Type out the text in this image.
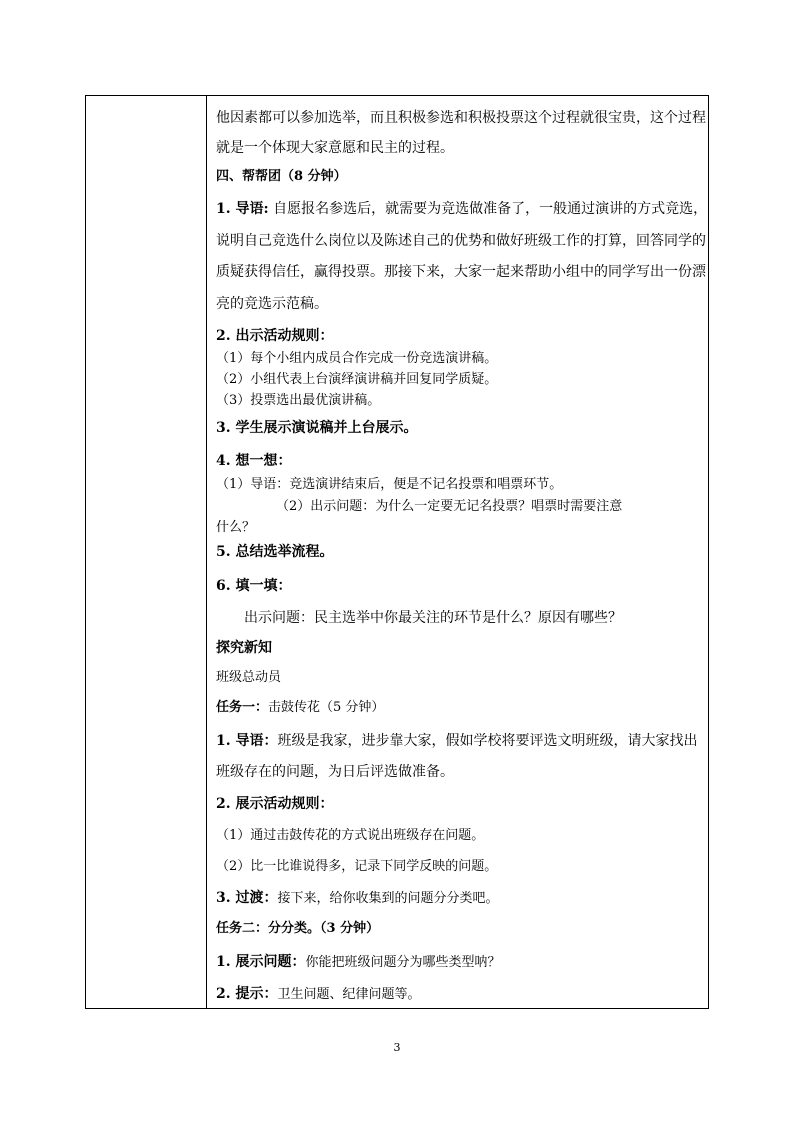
他因素都可以参加选举，而且积极参选和积极投票这个过程就很宝贵，这个过程
就是一个体现大家意愿和民主的过程。
四、帮帮团（8 分钟）
1. 导语: 自愿报名参选后，就需要为竞选做准备了，一般通过演讲的方式竞选，
说明自己竞选什么岗位以及陈述自己的优势和做好班级工作的打算，回答同学的
质疑获得信任，赢得投票。那接下来，大家一起来帮助小组中的同学写出一份漂
亮的竞选示范稿。
2. 出示活动规则：
（1）每个小组内成员合作完成一份竞选演讲稿。
（2）小组代表上台演绎演讲稿并回复同学质疑。
（3）投票选出最优演讲稿。
3. 学生展示演说稿并上台展示。
4. 想一想：
（1）导语：竞选演讲结束后，便是不记名投票和唱票环节。
（2）出示问题：为什么一定要无记名投票？唱票时需要注意
什么？
5. 总结选举流程。
6. 填一填：
出示问题：民主选举中你最关注的环节是什么？原因有哪些？
探究新知
班级总动员
任务一：击鼓传花（5 分钟）
1. 导语：班级是我家，进步靠大家，假如学校将要评选文明班级，请大家找出
班级存在的问题，为日后评选做准备。
2. 展示活动规则：
（1）通过击鼓传花的方式说出班级存在问题。
（2）比一比谁说得多，记录下同学反映的问题。
3. 过渡：接下来，给你收集到的问题分分类吧。
任务二：分分类。（3 分钟）
1. 展示问题：你能把班级问题分为哪些类型呐？
2. 提示：卫生问题、纪律问题等。
3
